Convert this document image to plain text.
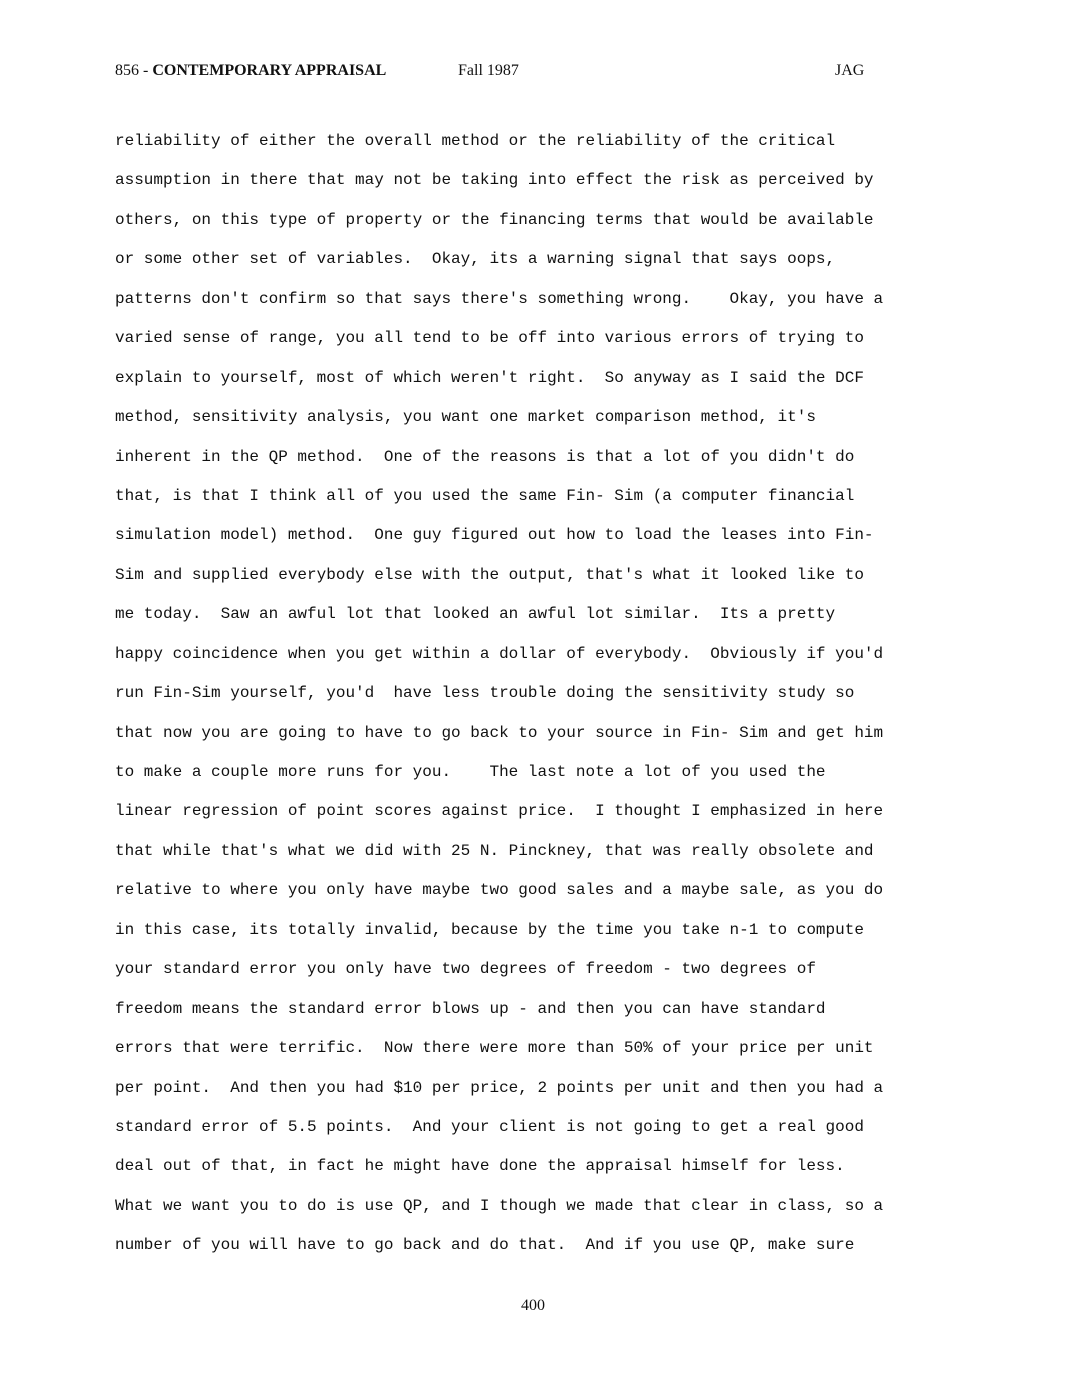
856 - CONTEMPORARY APPRAISAL	Fall 1987	JAG
reliability of either the overall method or the reliability of the critical
assumption in there that may not be taking into effect the risk as perceived by
others, on this type of property or the financing terms that would be available
or some other set of variables.  Okay, its a warning signal that says oops,
patterns don't confirm so that says there's something wrong.    Okay, you have a
varied sense of range, you all tend to be off into various errors of trying to
explain to yourself, most of which weren't right.  So anyway as I said the DCF
method, sensitivity analysis, you want one market comparison method, it's
inherent in the QP method.  One of the reasons is that a lot of you didn't do
that, is that I think all of you used the same Fin- Sim (a computer financial
simulation model) method.  One guy figured out how to load the leases into Fin-
Sim and supplied everybody else with the output, that's what it looked like to
me today.  Saw an awful lot that looked an awful lot similar.  Its a pretty
happy coincidence when you get within a dollar of everybody.  Obviously if you'd
run Fin-Sim yourself, you'd  have less trouble doing the sensitivity study so
that now you are going to have to go back to your source in Fin- Sim and get him
to make a couple more runs for you.    The last note a lot of you used the
linear regression of point scores against price.  I thought I emphasized in here
that while that's what we did with 25 N. Pinckney, that was really obsolete and
relative to where you only have maybe two good sales and a maybe sale, as you do
in this case, its totally invalid, because by the time you take n-1 to compute
your standard error you only have two degrees of freedom - two degrees of
freedom means the standard error blows up - and then you can have standard
errors that were terrific.  Now there were more than 50% of your price per unit
per point.  And then you had $10 per price, 2 points per unit and then you had a
standard error of 5.5 points.  And your client is not going to get a real good
deal out of that, in fact he might have done the appraisal himself for less.
What we want you to do is use QP, and I though we made that clear in class, so a
number of you will have to go back and do that.  And if you use QP, make sure
400
